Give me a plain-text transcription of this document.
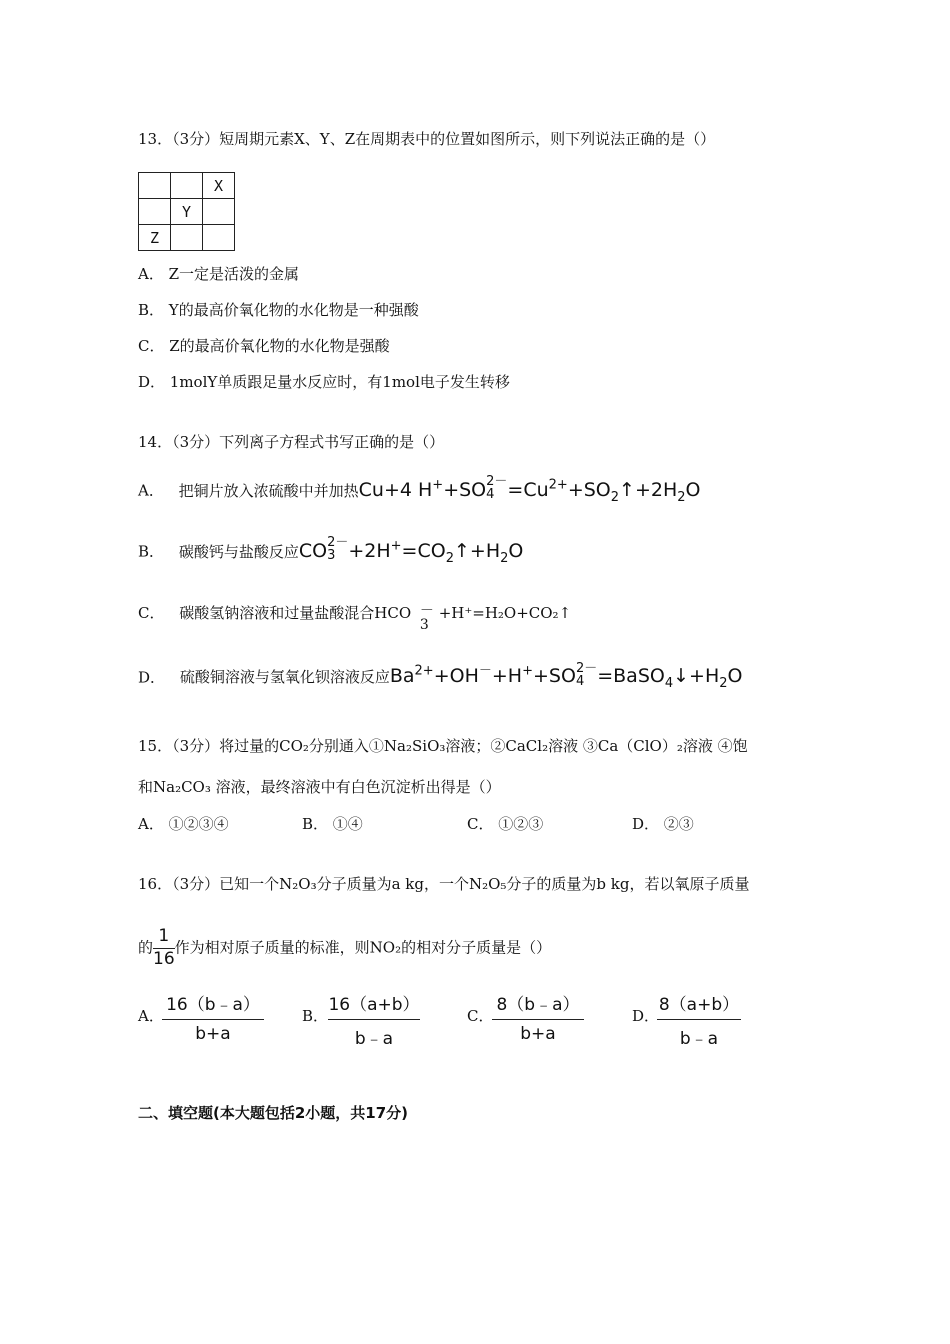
13．（3分）短周期元素X、Y、Z在周期表中的位置如图所示，则下列说法正确的是（）
		X
	Y	
Z		
A． Z一定是活泼的金属
B． Y的最高价氧化物的水化物是一种强酸
C． Z的最高价氧化物的水化物是强酸
D． 1molY单质跟足量水反应时，有1mol电子发生转移
14．（3分）下列离子方程式书写正确的是（）
A． 把铜片放入浓硫酸中并加热Cu+4 H++SO 2－
$4 =Cu^{2+}+SO_2↑+2H_2O$
B． 碳酸钙与盐酸反应CO 2－
$3 +2H^+=CO_2↑+H_2O$
C． 碳酸氢钠溶液和过量盐酸混合HCO －
3
+H⁺=H₂O+CO₂↑
D． 硫酸铜溶液与氢氧化钡溶液反应$Ba^{2+}+OH^-+H^++SO$ 2－
$4 =BaSO_4↓+H_2O$
15．（3分）将过量的CO₂分别通入①Na₂SiO₃溶液；②CaCl₂溶液 ③Ca（ClO）₂溶液 ④饱
和Na₂CO₃ 溶液，最终溶液中有白色沉淀析出得是（）
A． ①②③④	B． ①④	C． ①②③	D． ②③
16．（3分）已知一个N₂O₃分子质量为a kg，一个N₂O₅分子的质量为b kg，若以氧原子质量
的$\frac{1}{16}$作为相对原子质量的标准，则NO₂的相对分子质量是（）
A．
16（b﹣a）
b+a
B．
16（a+b）
b﹣a
C．
8（b﹣a）
b+a
D．
8（a+b）
b﹣a
二、填空题(本大题包括2小题，共17分)
